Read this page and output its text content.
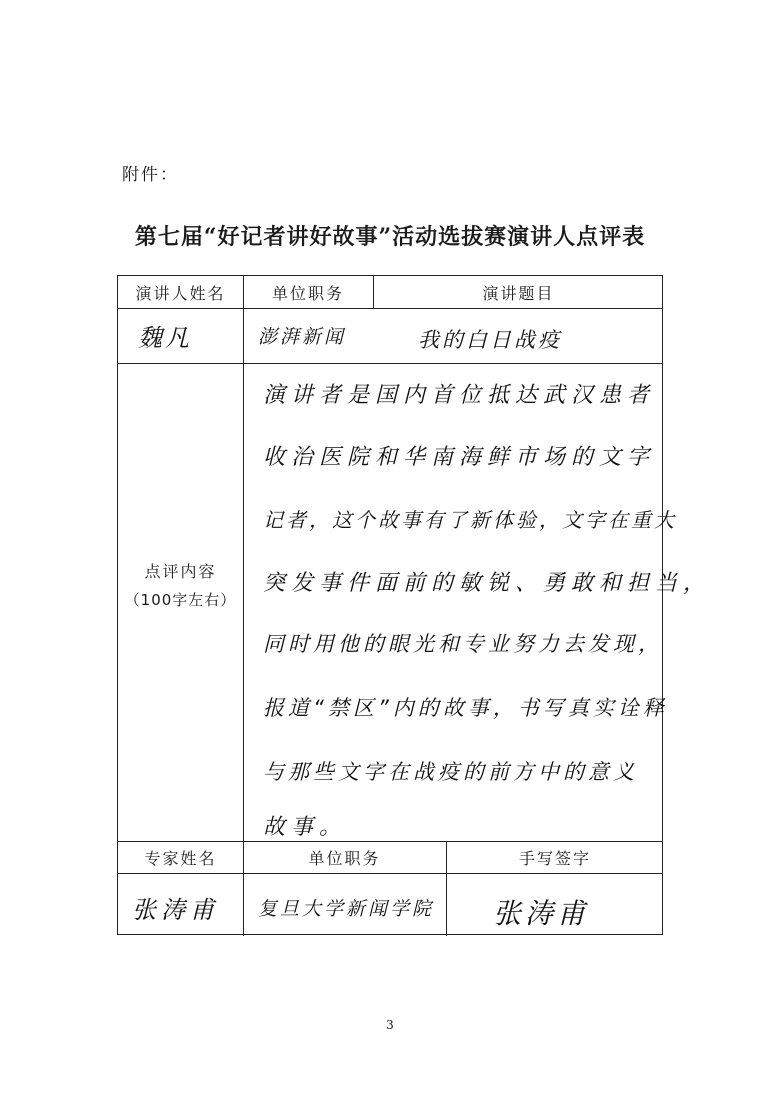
附件：
第七届“好记者讲好故事”活动选拔赛演讲人点评表
演讲人姓名	单位职务	演讲题目
魏凡	澎湃新闻	我的白日战疫
点评内容
（100字左右）
演讲者是国内首位抵达武汉患者
收治医院和华南海鲜市场的文字
记者，这个故事有了新体验，文字在重大
突发事件面前的敏锐、勇敢和担当，
同时用他的眼光和专业努力去发现，
报道“禁区”内的故事，书写真实诠释
与那些文字在战疫的前方中的意义
故事。
专家姓名	单位职务	手写签字
张涛甫 复旦大学新闻学院 张涛甫
3
